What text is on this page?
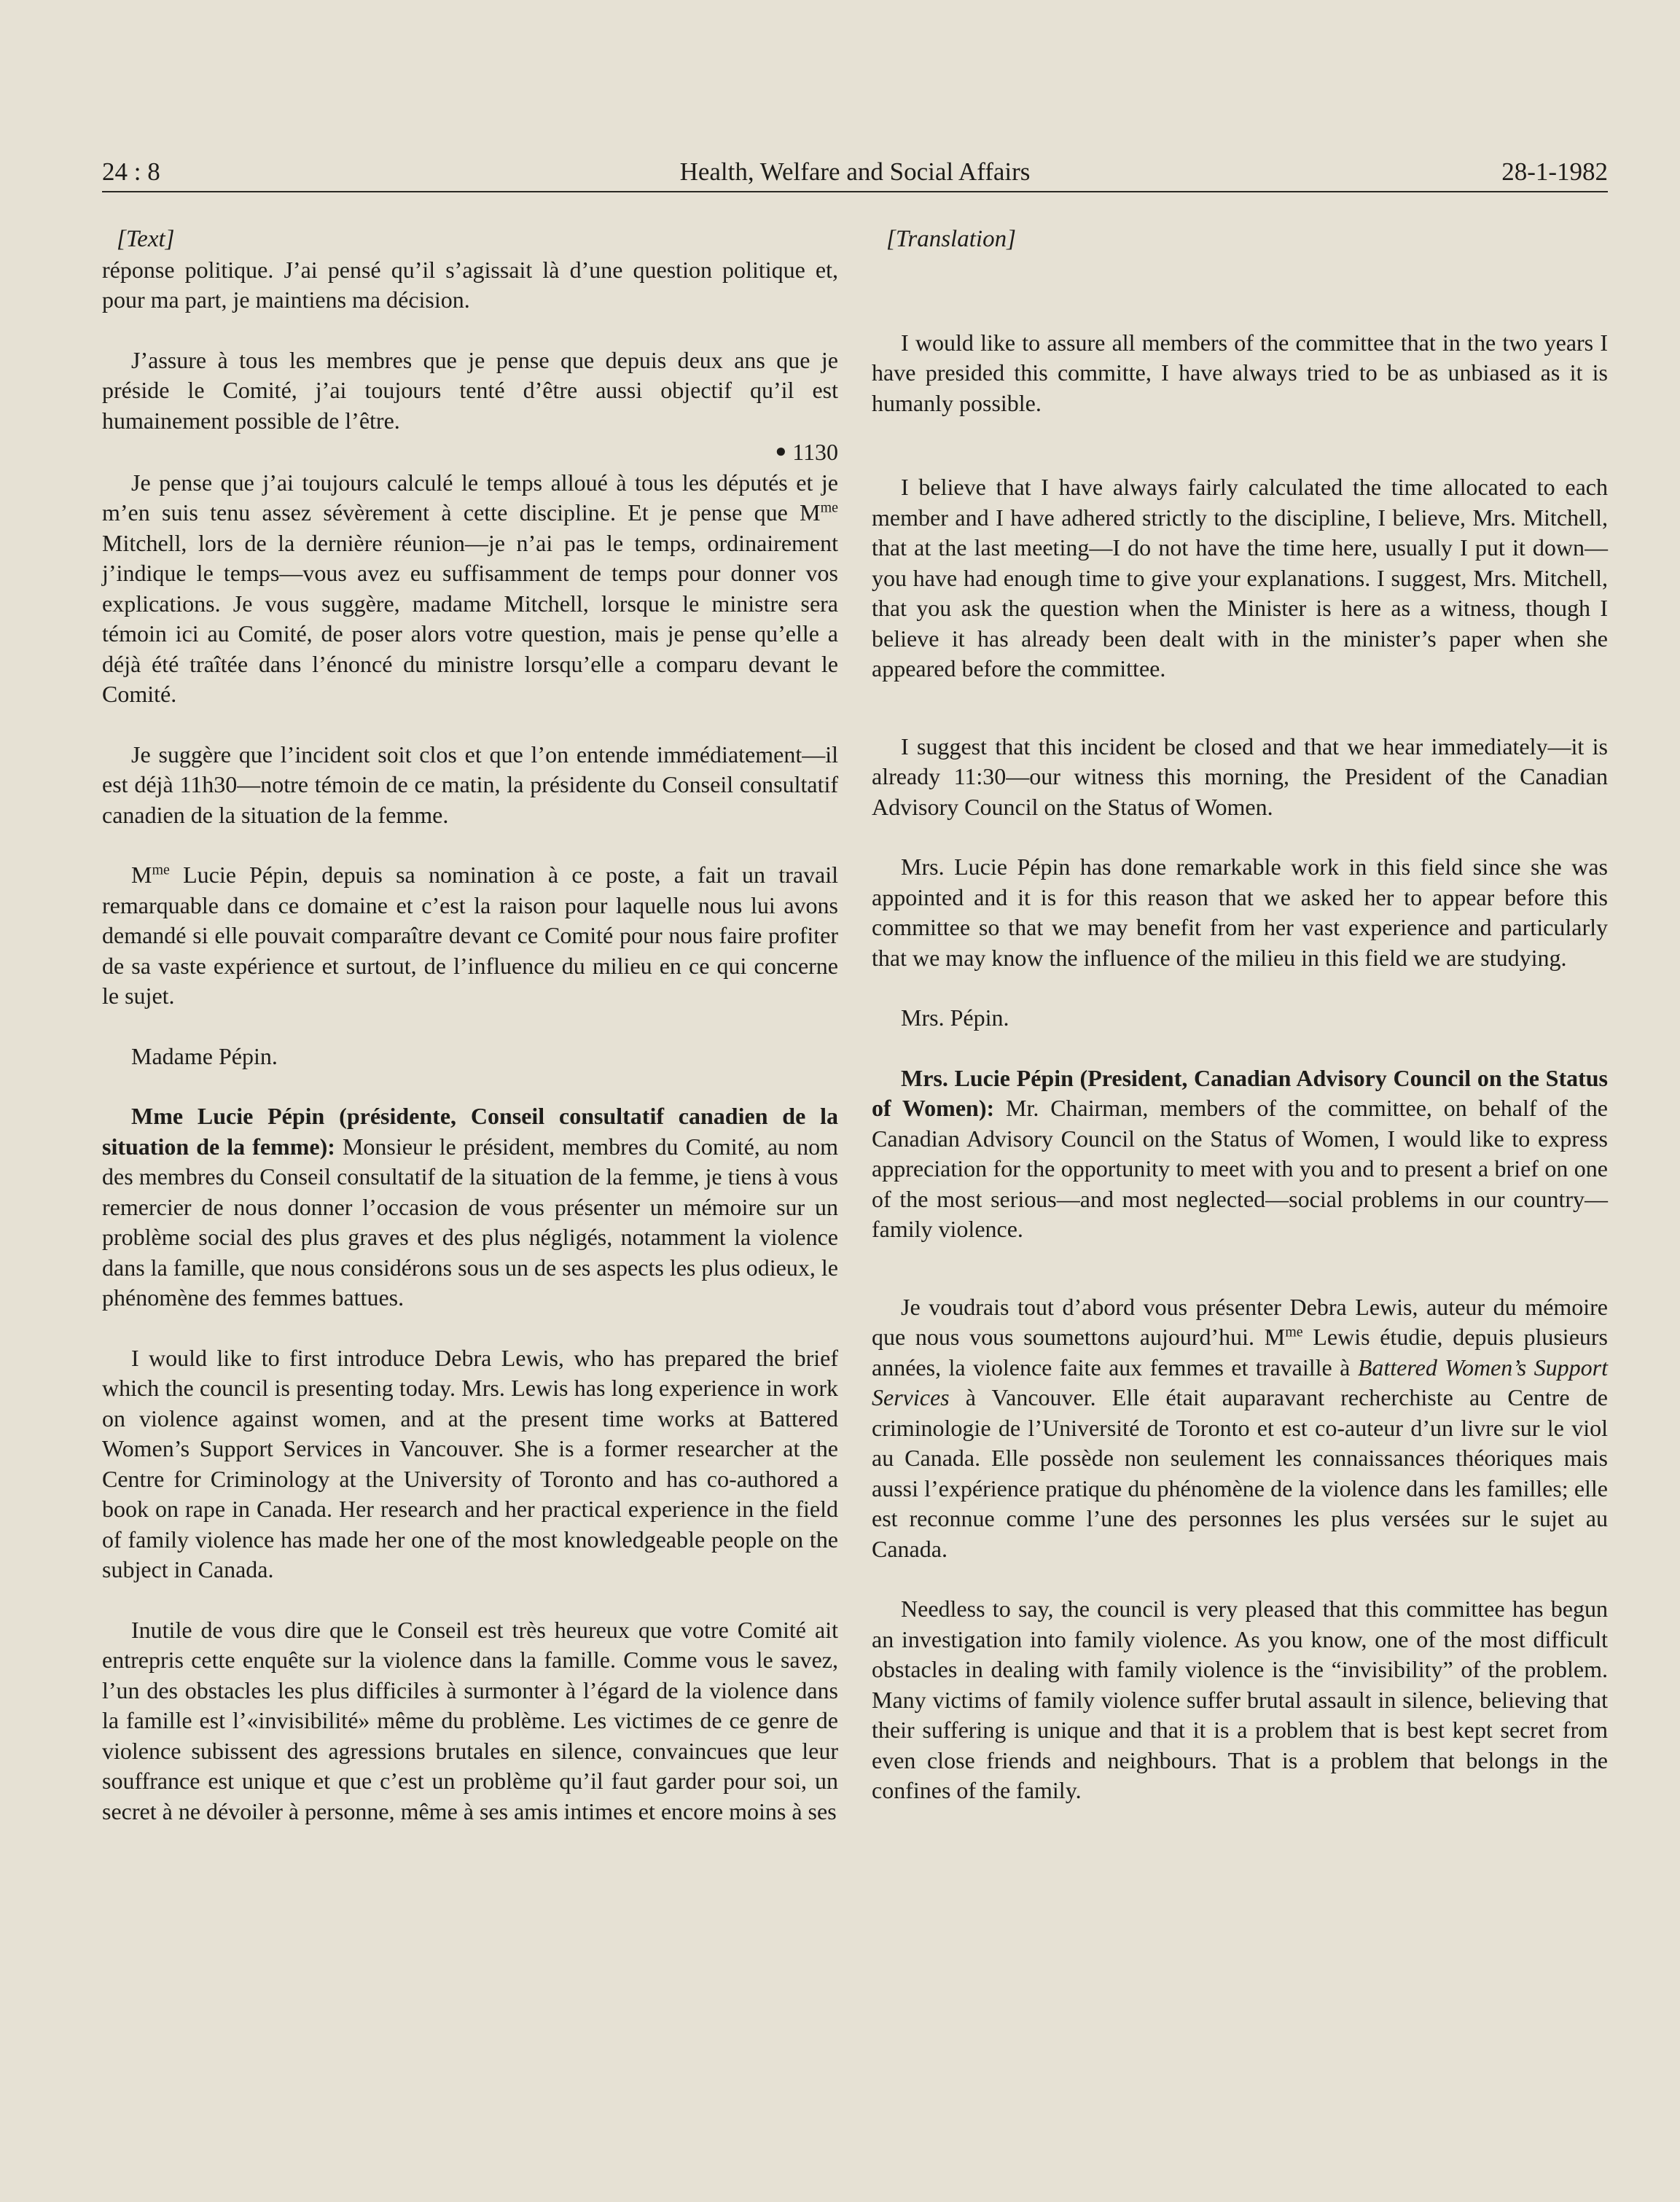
24 : 8	Health, Welfare and Social Affairs	28-1-1982

[Text]

réponse politique. J’ai pensé qu’il s’agissait là d’une question politique et, pour ma part, je maintiens ma décision.

J’assure à tous les membres que je pense que depuis deux ans que je préside le Comité, j’ai toujours tenté d’être aussi objectif qu’il est humainement possible de l’être.

● 1130

Je pense que j’ai toujours calculé le temps alloué à tous les députés et je m’en suis tenu assez sévèrement à cette discipline. Et je pense que $M^{me}$ Mitchell, lors de la dernière réunion—je n’ai pas le temps, ordinairement j’indique le temps—vous avez eu suffisamment de temps pour donner vos explications. Je vous suggère, madame Mitchell, lorsque le ministre sera témoin ici au Comité, de poser alors votre question, mais je pense qu’elle a déjà été traîtée dans l’énoncé du ministre lorsqu’elle a comparu devant le Comité.

Je suggère que l’incident soit clos et que l’on entende immédiatement—il est déjà 11h30—notre témoin de ce matin, la présidente du Conseil consultatif canadien de la situation de la femme.

$M^{me}$ Lucie Pépin, depuis sa nomination à ce poste, a fait un travail remarquable dans ce domaine et c’est la raison pour laquelle nous lui avons demandé si elle pouvait comparaître devant ce Comité pour nous faire profiter de sa vaste expérience et surtout, de l’influence du milieu en ce qui concerne le sujet.

Madame Pépin.

Mme Lucie Pépin (présidente, Conseil consultatif canadien de la situation de la femme): Monsieur le président, membres du Comité, au nom des membres du Conseil consultatif de la situation de la femme, je tiens à vous remercier de nous donner l’occasion de vous présenter un mémoire sur un problème social des plus graves et des plus négligés, notamment la violence dans la famille, que nous considérons sous un de ses aspects les plus odieux, le phénomène des femmes battues.

I would like to first introduce Debra Lewis, who has prepared the brief which the council is presenting today. Mrs. Lewis has long experience in work on violence against women, and at the present time works at Battered Women’s Support Services in Vancouver. She is a former researcher at the Centre for Criminology at the University of Toronto and has co-authored a book on rape in Canada. Her research and her practical experience in the field of family violence has made her one of the most knowledgeable people on the subject in Canada.

Inutile de vous dire que le Conseil est très heureux que votre Comité ait entrepris cette enquête sur la violence dans la famille. Comme vous le savez, l’un des obstacles les plus difficiles à surmonter à l’égard de la violence dans la famille est l’«invisibilité» même du problème. Les victimes de ce genre de violence subissent des agressions brutales en silence, convaincues que leur souffrance est unique et que c’est un problème qu’il faut garder pour soi, un secret à ne dévoiler à personne, même à ses amis intimes et encore moins à ses

[Translation]

I would like to assure all members of the committee that in the two years I have presided this committe, I have always tried to be as unbiased as it is humanly possible.

I believe that I have always fairly calculated the time allocated to each member and I have adhered strictly to the discipline, I believe, Mrs. Mitchell, that at the last meeting—I do not have the time here, usually I put it down—you have had enough time to give your explanations. I suggest, Mrs. Mitchell, that you ask the question when the Minister is here as a witness, though I believe it has already been dealt with in the minister’s paper when she appeared before the committee.

I suggest that this incident be closed and that we hear immediately—it is already 11:30—our witness this morning, the President of the Canadian Advisory Council on the Status of Women.

Mrs. Lucie Pépin has done remarkable work in this field since she was appointed and it is for this reason that we asked her to appear before this committee so that we may benefit from her vast experience and particularly that we may know the influence of the milieu in this field we are studying.

Mrs. Pépin.

Mrs. Lucie Pépin (President, Canadian Advisory Council on the Status of Women): Mr. Chairman, members of the committee, on behalf of the Canadian Advisory Council on the Status of Women, I would like to express appreciation for the opportunity to meet with you and to present a brief on one of the most serious—and most neglected—social problems in our country—family violence.

Je voudrais tout d’abord vous présenter Debra Lewis, auteur du mémoire que nous vous soumettons aujourd’hui. $M^{me}$ Lewis étudie, depuis plusieurs années, la violence faite aux femmes et travaille à Battered Women’s Support Services à Vancouver. Elle était auparavant recherchiste au Centre de criminologie de l’Université de Toronto et est co-auteur d’un livre sur le viol au Canada. Elle possède non seulement les connaissances théoriques mais aussi l’expérience pratique du phénomène de la violence dans les familles; elle est reconnue comme l’une des personnes les plus versées sur le sujet au Canada.

Needless to say, the council is very pleased that this committee has begun an investigation into family violence. As you know, one of the most difficult obstacles in dealing with family violence is the “invisibility” of the problem. Many victims of family violence suffer brutal assault in silence, believing that their suffering is unique and that it is a problem that is best kept secret from even close friends and neighbours. That is a problem that belongs in the confines of the family.
